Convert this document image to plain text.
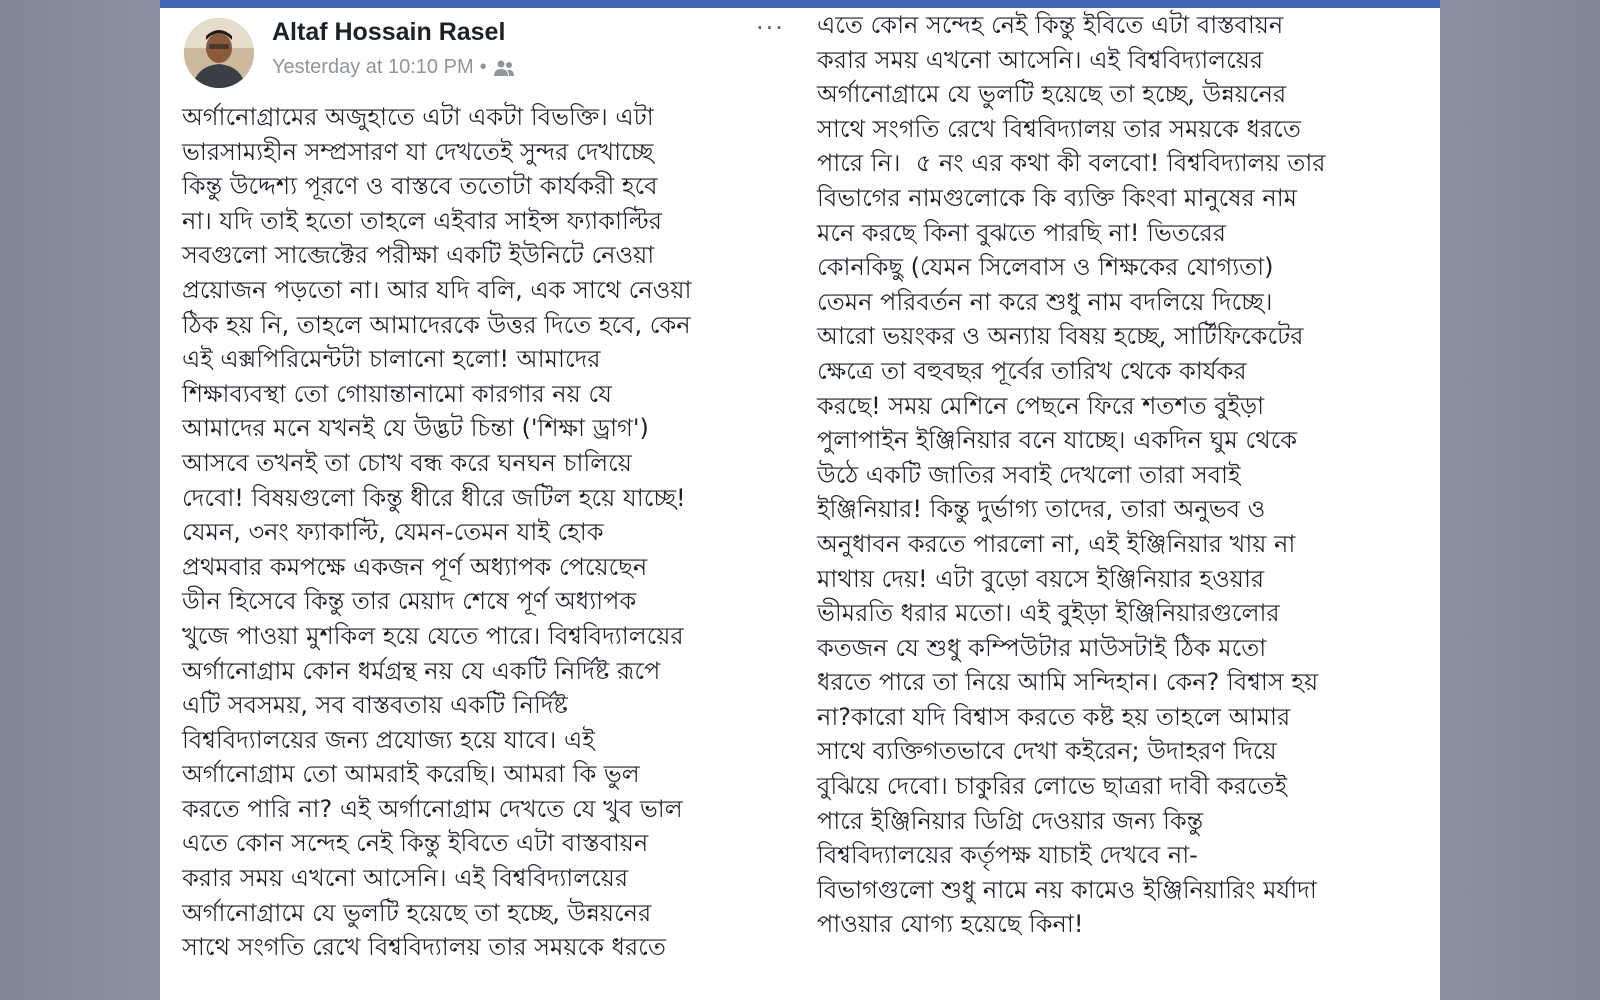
Altaf Hossain Rasel
Yesterday at 10:10 PM •
···
অর্গানোগ্রামের অজুহাতে এটা একটা বিভক্তি। এটা
ভারসাম্যহীন সম্প্রসারণ যা দেখতেই সুন্দর দেখাচ্ছে
কিন্তু উদ্দেশ্য পূরণে ও বাস্তবে ততোটা কার্যকরী হবে
না। যদি তাই হতো তাহলে এইবার সাইন্স ফ্যাকাল্টির
সবগুলো সাব্জেক্টের পরীক্ষা একটি ইউনিটে নেওয়া
প্রয়োজন পড়তো না। আর যদি বলি, এক সাথে নেওয়া
ঠিক হয় নি, তাহলে আমাদেরকে উত্তর দিতে হবে, কেন
এই এক্সপিরিমেন্টটা চালানো হলো! আমাদের
শিক্ষাব্যবস্থা তো গোয়ান্তানামো কারগার নয় যে
আমাদের মনে যখনই যে উদ্ভট চিন্তা ('শিক্ষা ড্রাগ')
আসবে তখনই তা চোখ বন্ধ করে ঘনঘন চালিয়ে
দেবো! বিষয়গুলো কিন্তু ধীরে ধীরে জটিল হয়ে যাচ্ছে!
যেমন, ৩নং ফ্যাকাল্টি, যেমন-তেমন যাই হোক
প্রথমবার কমপক্ষে একজন পূর্ণ অধ্যাপক পেয়েছেন
ডীন হিসেবে কিন্তু তার মেয়াদ শেষে পূর্ণ অধ্যাপক
খুজে পাওয়া মুশকিল হয়ে যেতে পারে। বিশ্ববিদ্যালয়ের
অর্গানোগ্রাম কোন ধর্মগ্রন্থ নয় যে একটি নির্দিষ্ট রূপে
এটি সবসময়, সব বাস্তবতায় একটি নির্দিষ্ট
বিশ্ববিদ্যালয়ের জন্য প্রযোজ্য হয়ে যাবে। এই
অর্গানোগ্রাম তো আমরাই করেছি। আমরা কি ভুল
করতে পারি না? এই অর্গানোগ্রাম দেখতে যে খুব ভাল
এতে কোন সন্দেহ নেই কিন্তু ইবিতে এটা বাস্তবায়ন
করার সময় এখনো আসেনি। এই বিশ্ববিদ্যালয়ের
অর্গানোগ্রামে যে ভুলটি হয়েছে তা হচ্ছে, উন্নয়নের
সাথে সংগতি রেখে বিশ্ববিদ্যালয় তার সময়কে ধরতে
এতে কোন সন্দেহ নেই কিন্তু ইবিতে এটা বাস্তবায়ন
করার সময় এখনো আসেনি। এই বিশ্ববিদ্যালয়ের
অর্গানোগ্রামে যে ভুলটি হয়েছে তা হচ্ছে, উন্নয়নের
সাথে সংগতি রেখে বিশ্ববিদ্যালয় তার সময়কে ধরতে
পারে নি।  ৫ নং এর কথা কী বলবো! বিশ্ববিদ্যালয় তার
বিভাগের নামগুলোকে কি ব্যক্তি কিংবা মানুষের নাম
মনে করছে কিনা বুঝতে পারছি না! ভিতরের
কোনকিছু (যেমন সিলেবাস ও শিক্ষকের যোগ্যতা)
তেমন পরিবর্তন না করে শুধু নাম বদলিয়ে দিচ্ছে।
আরো ভয়ংকর ও অন্যায় বিষয় হচ্ছে, সার্টিফিকেটের
ক্ষেত্রে তা বহুবছর পূর্বের তারিখ থেকে কার্যকর
করছে! সময় মেশিনে পেছনে ফিরে শতশত বুইড়া
পুলাপাইন ইঞ্জিনিয়ার বনে যাচ্ছে। একদিন ঘুম থেকে
উঠে একটি জাতির সবাই দেখলো তারা সবাই
ইঞ্জিনিয়ার! কিন্তু দুর্ভাগ্য তাদের, তারা অনুভব ও
অনুধাবন করতে পারলো না, এই ইঞ্জিনিয়ার খায় না
মাথায় দেয়! এটা বুড়ো বয়সে ইঞ্জিনিয়ার হওয়ার
ভীমরতি ধরার মতো। এই বুইড়া ইঞ্জিনিয়ারগুলোর
কতজন যে শুধু কম্পিউটার মাউসটাই ঠিক মতো
ধরতে পারে তা নিয়ে আমি সন্দিহান। কেন? বিশ্বাস হয়
না?কারো যদি বিশ্বাস করতে কষ্ট হয় তাহলে আমার
সাথে ব্যক্তিগতভাবে দেখা কইরেন; উদাহরণ দিয়ে
বুঝিয়ে দেবো। চাকুরির লোভে ছাত্ররা দাবী করতেই
পারে ইঞ্জিনিয়ার ডিগ্রি দেওয়ার জন্য কিন্তু
বিশ্ববিদ্যালয়ের কর্তৃপক্ষ যাচাই দেখবে না-
বিভাগগুলো শুধু নামে নয় কামেও ইঞ্জিনিয়ারিং মর্যাদা
পাওয়ার যোগ্য হয়েছে কিনা!
